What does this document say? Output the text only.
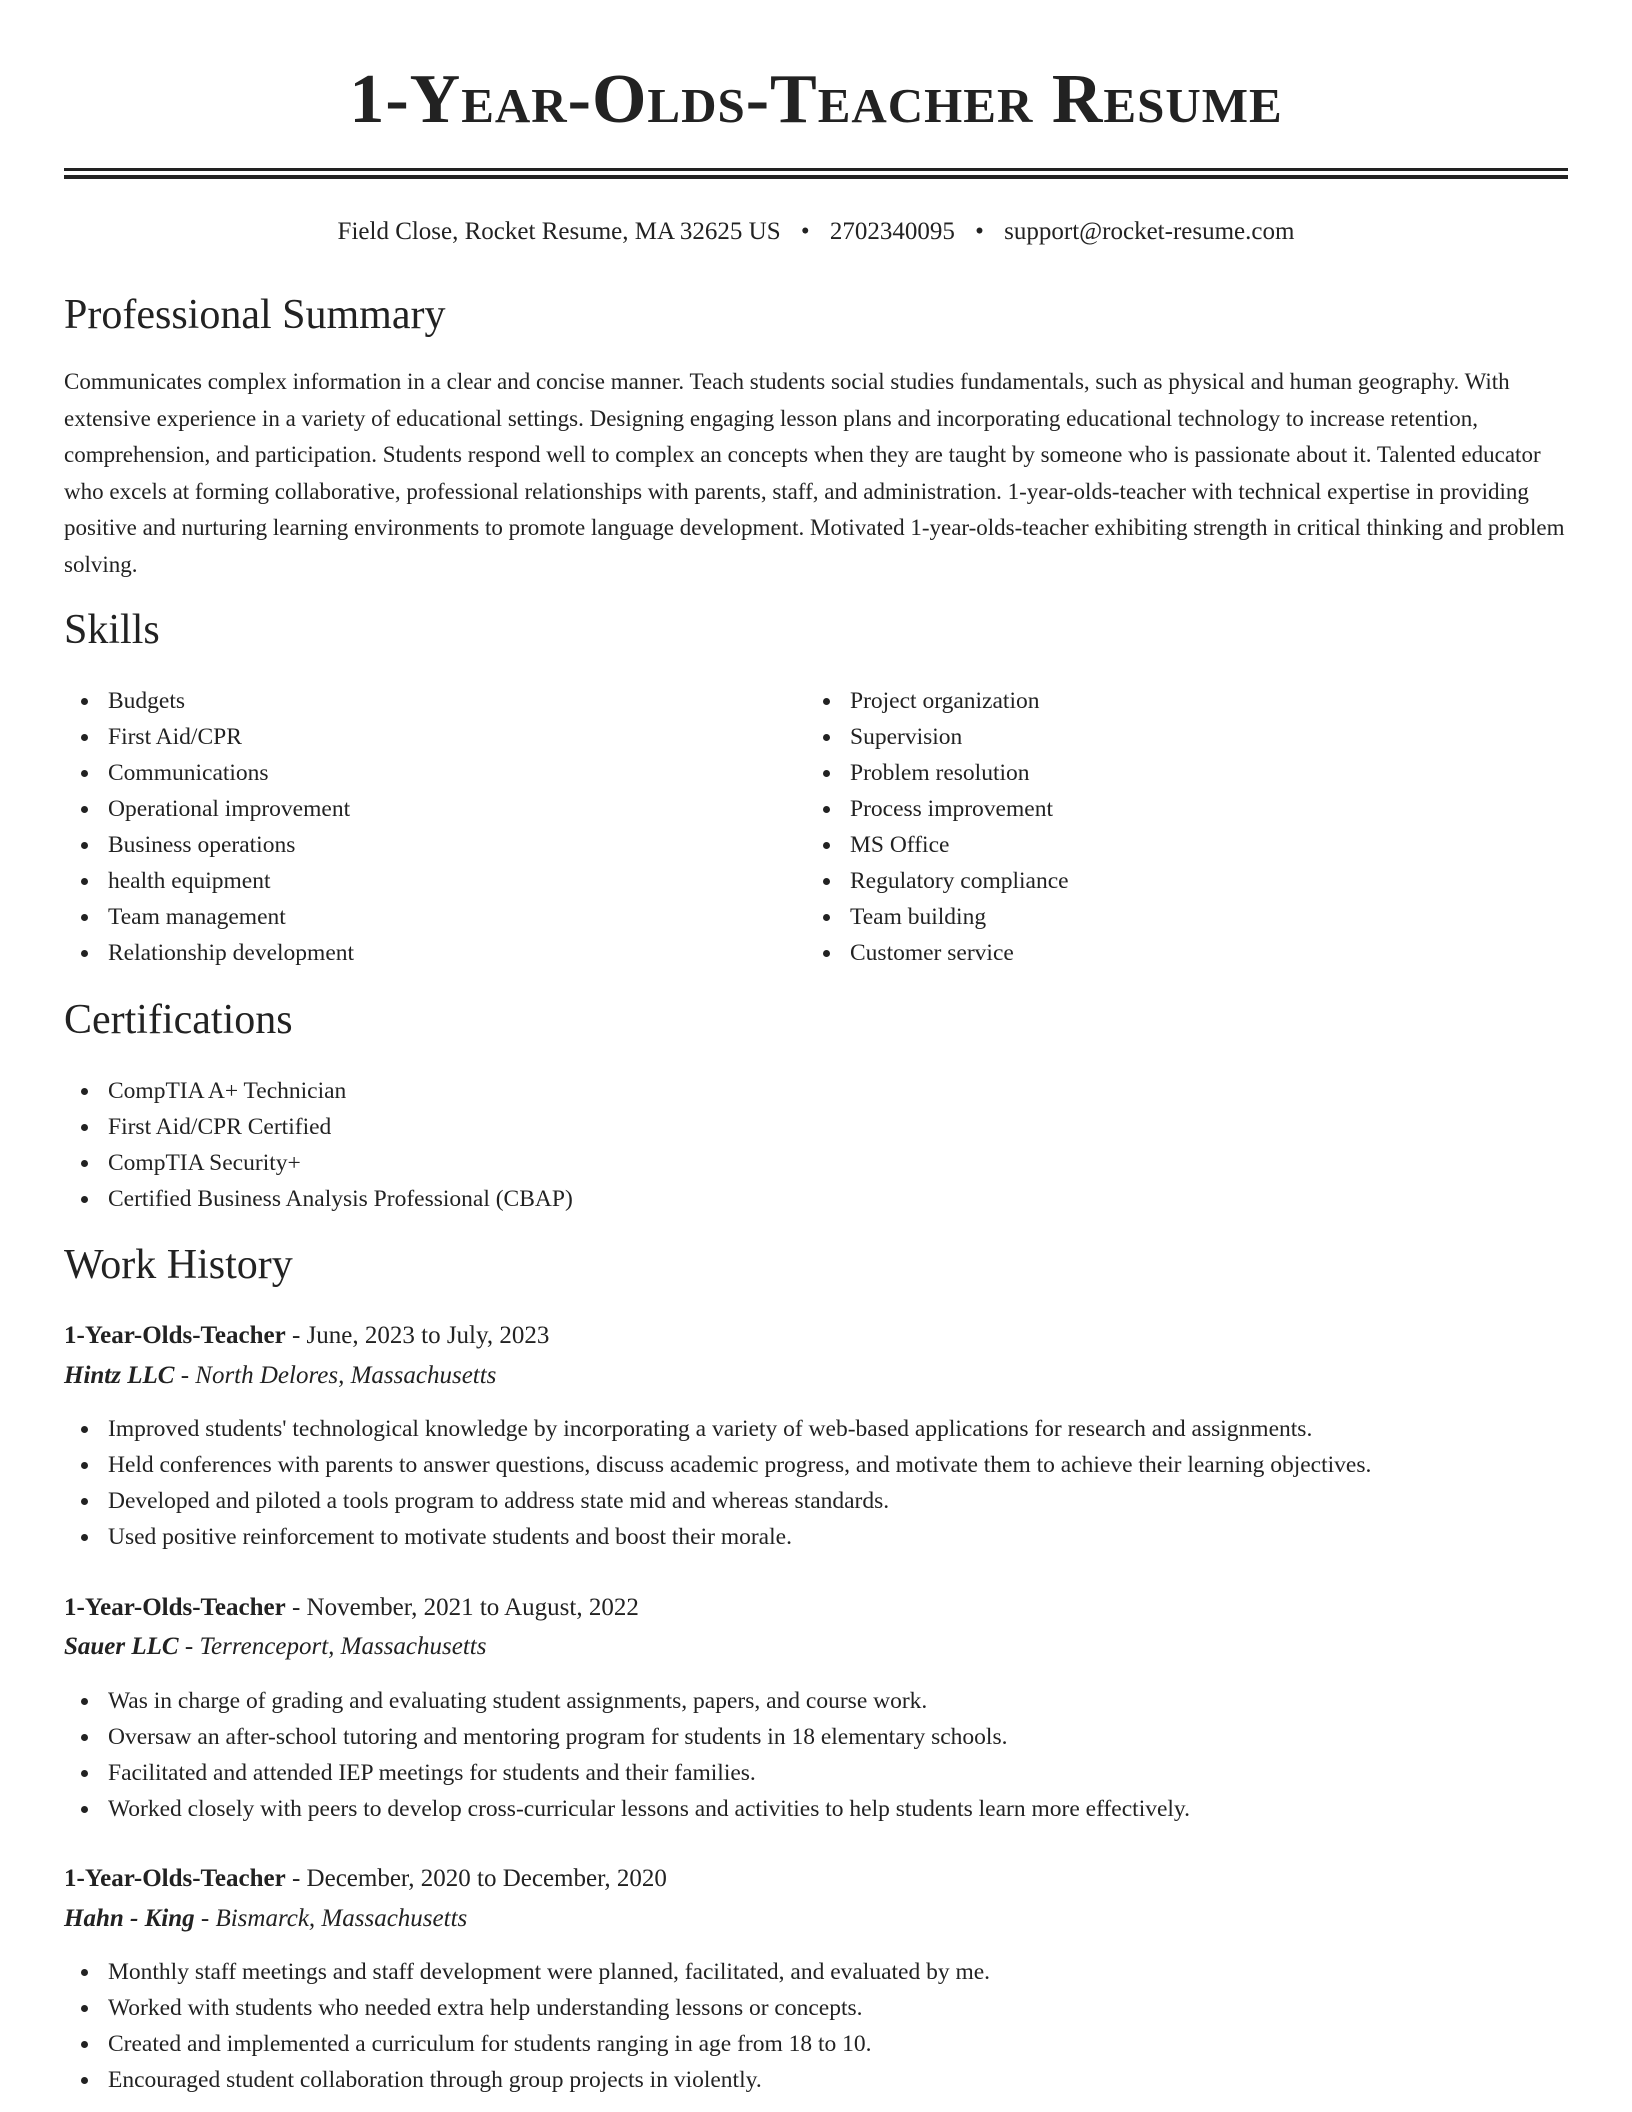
1-Year-Olds-Teacher Resume
Field Close, Rocket Resume, MA 32625 US • 2702340095 • support@rocket-resume.com
Professional Summary

Communicates complex information in a clear and concise manner. Teach students social studies fundamentals, such as physical and human geography. With extensive experience in a variety of educational settings. Designing engaging lesson plans and incorporating educational technology to increase retention, comprehension, and participation. Students respond well to complex an concepts when they are taught by someone who is passionate about it. Talented educator who excels at forming collaborative, professional relationships with parents, staff, and administration. 1-year-olds-teacher with technical expertise in providing positive and nurturing learning environments to promote language development. Motivated 1-year-olds-teacher exhibiting strength in critical thinking and problem solving.

Skills
Budgets
First Aid/CPR
Communications
Operational improvement
Business operations
health equipment
Team management
Relationship development
Project organization
Supervision
Problem resolution
Process improvement
MS Office
Regulatory compliance
Team building
Customer service
Certifications
CompTIA A+ Technician
First Aid/CPR Certified
CompTIA Security+
Certified Business Analysis Professional (CBAP)
Work History
1-Year-Olds-Teacher - June, 2023 to July, 2023
Hintz LLC - North Delores, Massachusetts
Improved students' technological knowledge by incorporating a variety of web-based applications for research and assignments.
Held conferences with parents to answer questions, discuss academic progress, and motivate them to achieve their learning objectives.
Developed and piloted a tools program to address state mid and whereas standards.
Used positive reinforcement to motivate students and boost their morale.
1-Year-Olds-Teacher - November, 2021 to August, 2022
Sauer LLC - Terrenceport, Massachusetts
Was in charge of grading and evaluating student assignments, papers, and course work.
Oversaw an after-school tutoring and mentoring program for students in 18 elementary schools.
Facilitated and attended IEP meetings for students and their families.
Worked closely with peers to develop cross-curricular lessons and activities to help students learn more effectively.
1-Year-Olds-Teacher - December, 2020 to December, 2020
Hahn - King - Bismarck, Massachusetts
Monthly staff meetings and staff development were planned, facilitated, and evaluated by me.
Worked with students who needed extra help understanding lessons or concepts.
Created and implemented a curriculum for students ranging in age from 18 to 10.
Encouraged student collaboration through group projects in violently.
